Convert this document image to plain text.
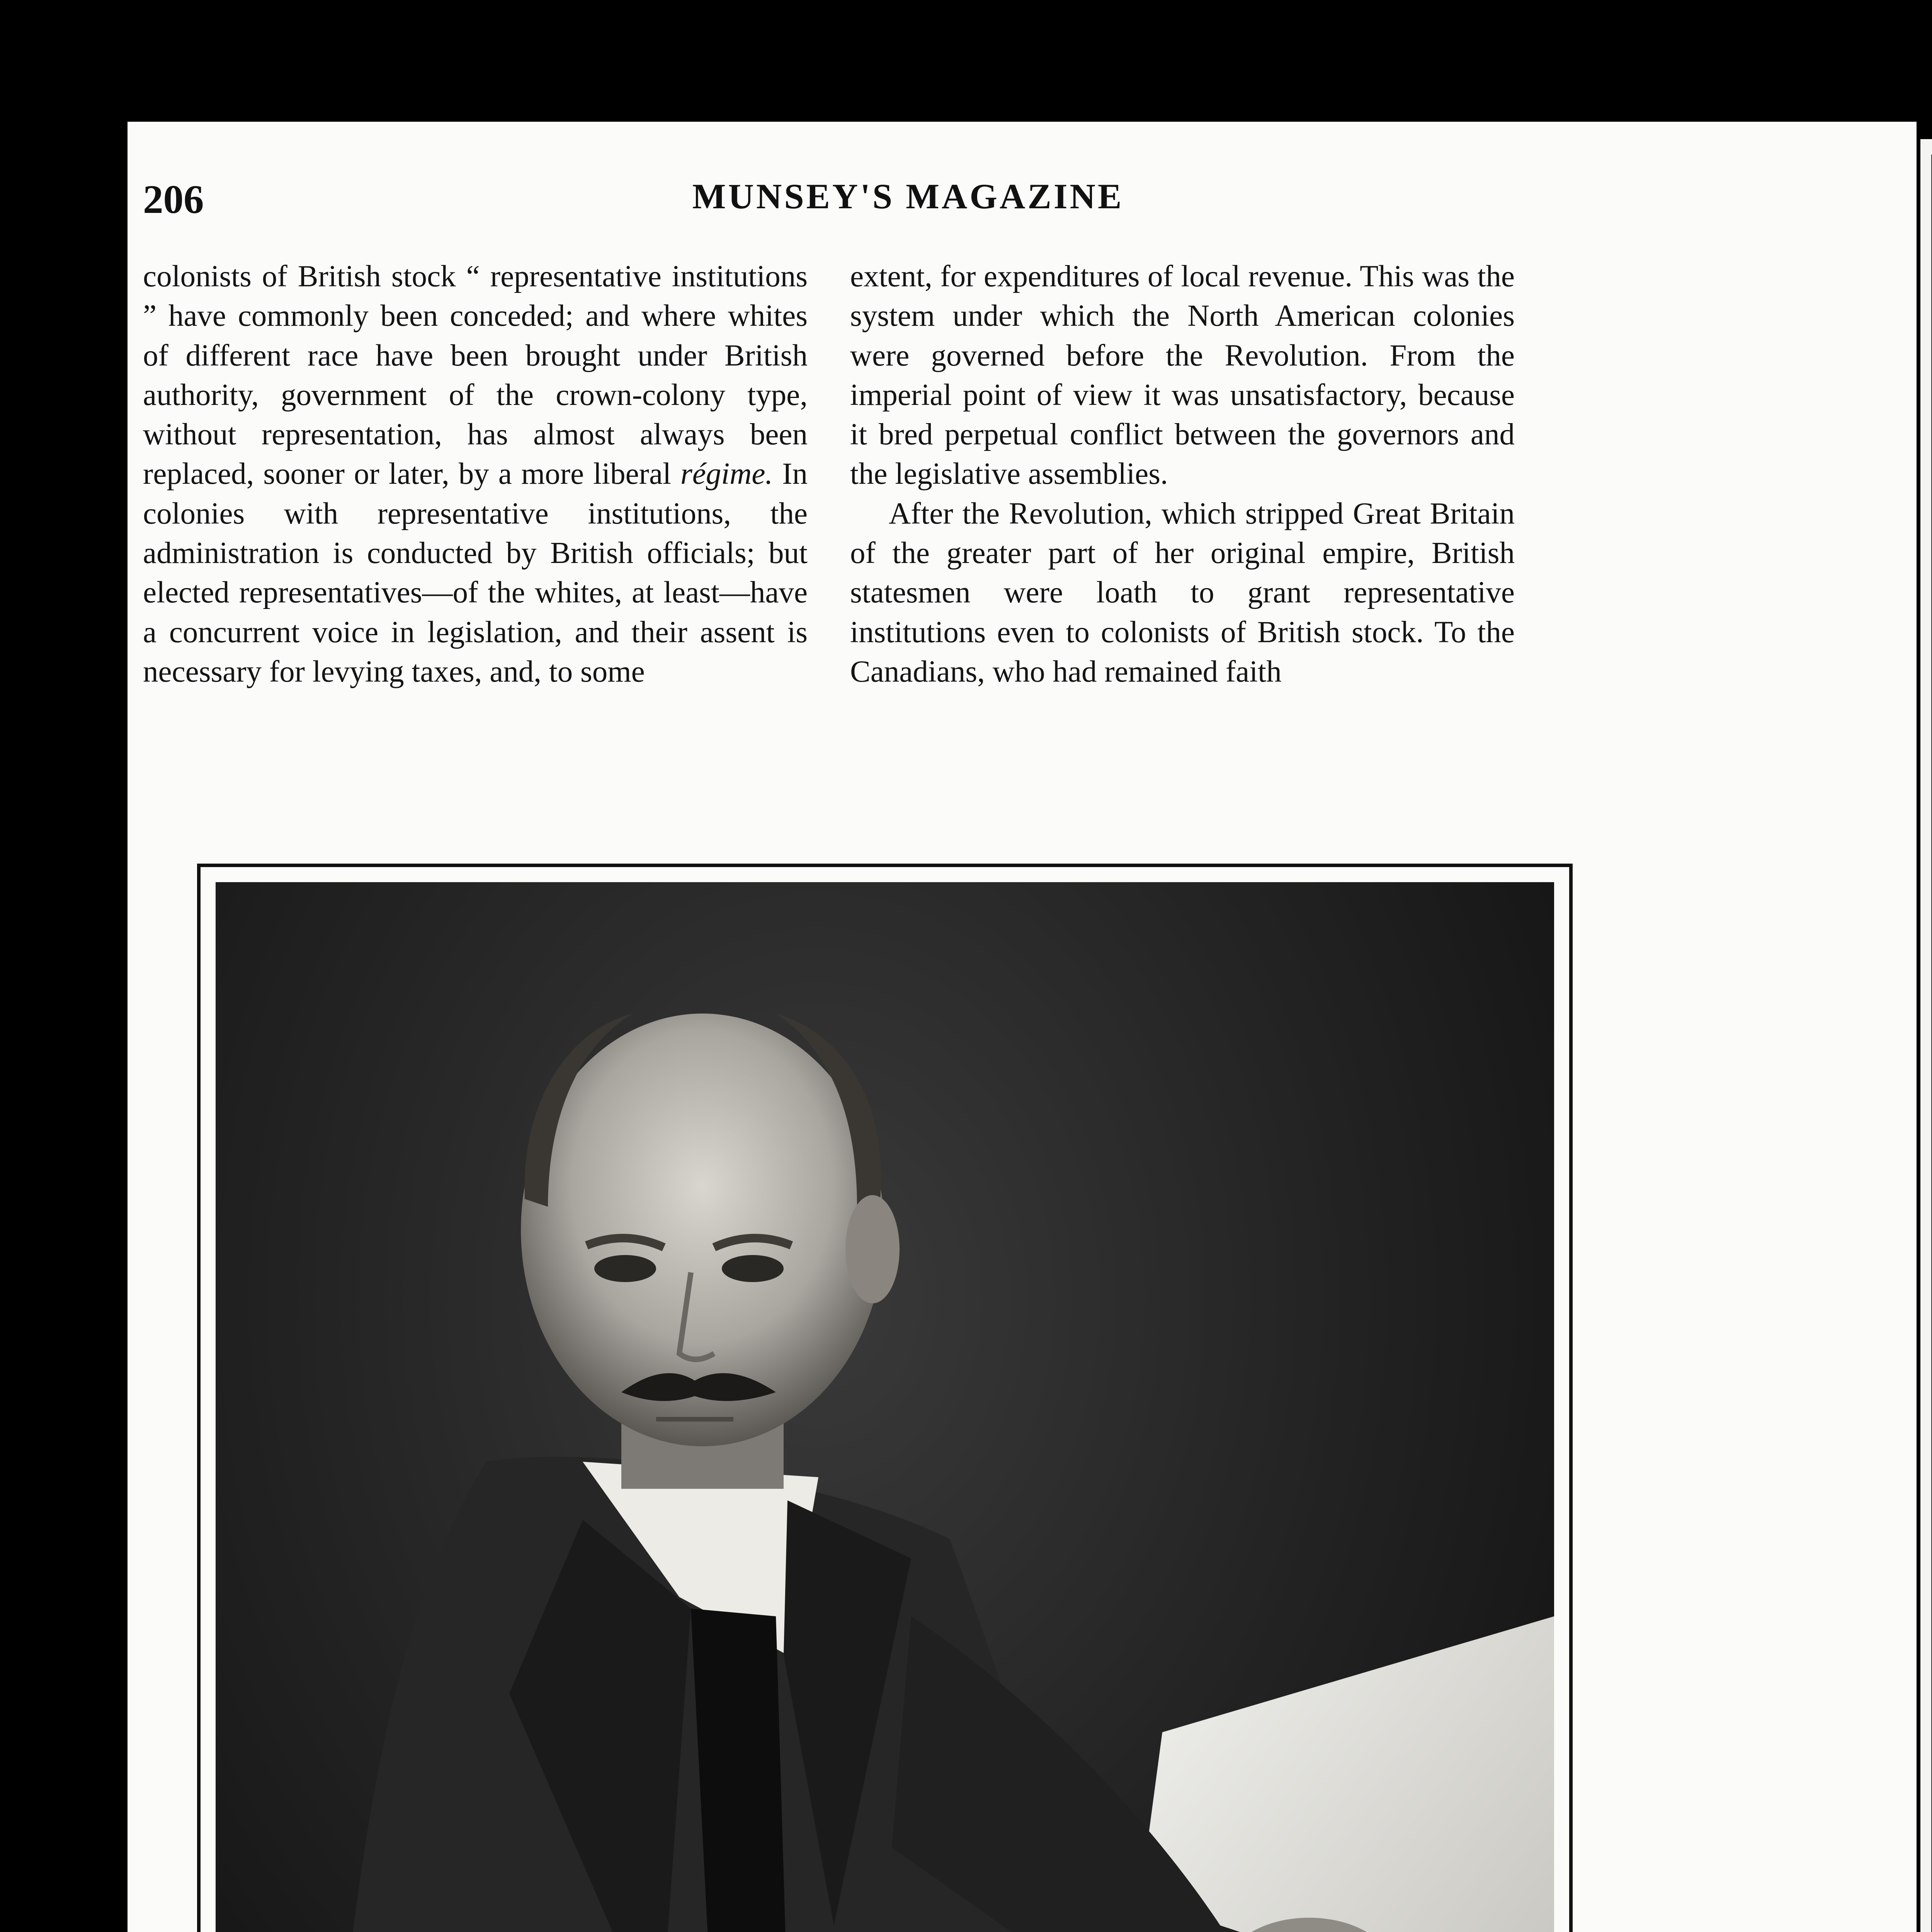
206	MUNSEY'S MAGAZINE

colonists of British stock “ representative institutions ” have commonly been conceded; and where whites of different race have been brought under British authority, government of the crown-colony type, without representation, has almost always been replaced, sooner or later, by a more liberal régime. In colonies with representative institutions, the administration is conducted by British officials; but elected representatives—of the whites, at least—have a concurrent voice in legislation, and their assent is necessary for levying taxes, and, to some

extent, for expenditures of local revenue. This was the system under which the North American colonies were governed before the Revolution. From the imperial point of view it was unsatisfactory, because it bred perpetual conflict between the governors and the legislative assemblies.

After the Revolution, which stripped Great Britain of the greater part of her original empire, British statesmen were loath to grant representative institutions even to colonists of British stock. To the Canadians, who had remained faith
